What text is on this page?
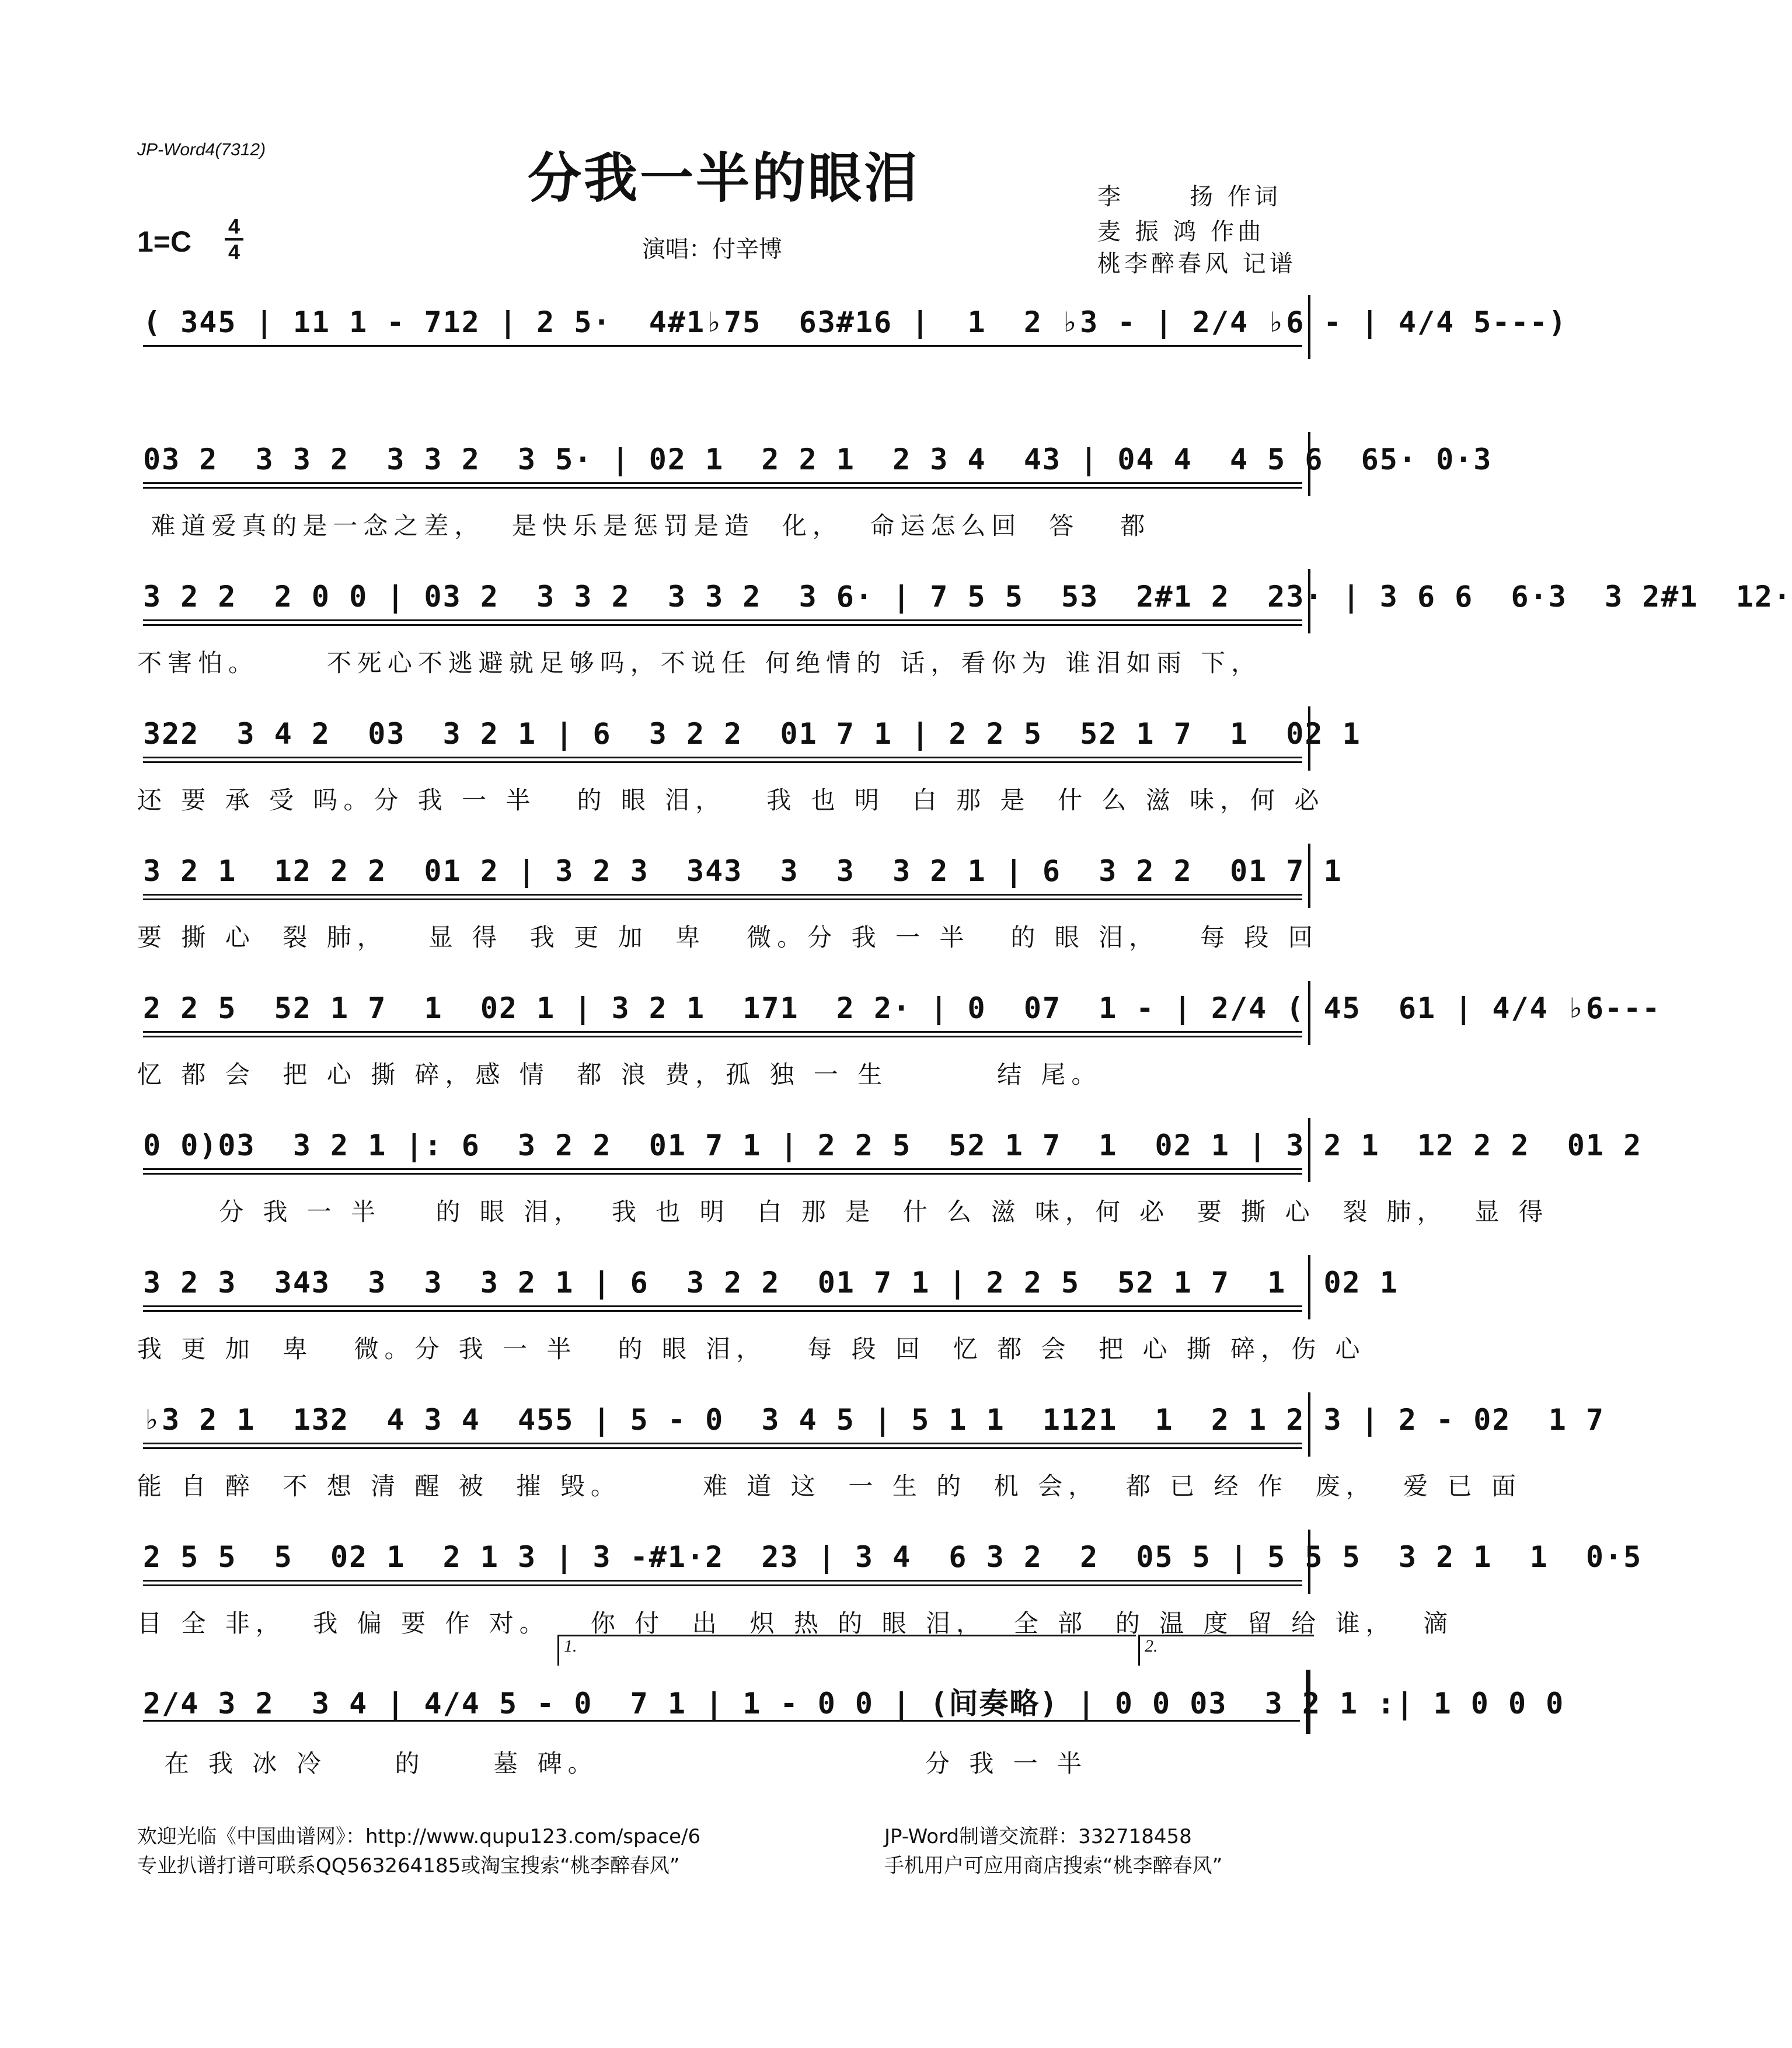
JP-Word4(7312)	分我一半的眼泪
1=C 4
4	演唱：付辛博
李      扬 作词
麦 振 鸿 作曲
桃李醉春风 记谱
( 345 | 11 1 - 712 | 2 5·  4#1♭75  63#16 |  1  2 ♭3 - | 2/4 ♭6 - | 4/4 5---)
03 2  3 3 2  3 3 2  3 5· | 02 1  2 2 1  2 3 4  43 | 04 4  4 5 6  65· 0·3
难道爱真的是一念之差，  是快乐是惩罚是造  化，  命运怎么回  答   都
3 2 2  2 0 0 | 03 2  3 3 2  3 3 2  3 6· | 7 5 5  53  2#1 2  23· | 3 6 6  6·3  3 2#1  12·
不害怕。     不死心不逃避就足够吗，不说任 何绝情的 话，看你为 谁泪如雨 下，
322  3 4 2  03  3 2 1 | 6  3 2 2  01 7 1 | 2 2 5  52 1 7  1  02 1
还 要 承 受 吗。分 我 一 半   的 眼 泪，   我 也 明  白 那 是  什 么 滋 味，何 必
3 2 1  12 2 2  01 2 | 3 2 3  343  3  3  3 2 1 | 6  3 2 2  01 7 1
要 撕 心  裂 肺，   显 得  我 更 加  卑   微。分 我 一 半   的 眼 泪，   每 段 回
2 2 5  52 1 7  1  02 1 | 3 2 1  171  2 2· | 0  07  1 - | 2/4 ( 45  61 | 4/4 ♭6---
忆 都 会  把 心 撕 碎，感 情  都 浪 费，孤 独 一 生        结 尾。
0 0)03  3 2 1 |: 6  3 2 2  01 7 1 | 2 2 5  52 1 7  1  02 1 | 3 2 1  12 2 2  01 2
分 我 一 半    的 眼 泪，  我 也 明  白 那 是  什 么 滋 味，何 必  要 撕 心  裂 肺，  显 得
3 2 3  343  3  3  3 2 1 | 6  3 2 2  01 7 1 | 2 2 5  52 1 7  1  02 1
我 更 加  卑   微。分 我 一 半   的 眼 泪，   每 段 回  忆 都 会  把 心 撕 碎，伤 心
♭3 2 1  132  4 3 4  455 | 5 - 0  3 4 5 | 5 1 1  1121  1  2 1 2 3 | 2 - 02  1 7
能 自 醉  不 想 清 醒 被  摧 毁。      难 道 这  一 生 的  机 会，  都 已 经 作  废，  爱 已 面
2 5 5  5  02 1  2 1 3 | 3 -#1·2  23 | 3 4  6 3 2  2  05 5 | 5 5 5  3 2 1  1  0·5
目 全 非，  我 偏 要 作 对。   你 付  出  炽 热 的 眼 泪，  全 部  的 温 度 留 给 谁，  滴
1.	2.
2/4 3 2  3 4 | 4/4 5 - 0  7 1 | 1 - 0 0 | (间奏略) | 0 0 03  3 2 1 :| 1 0 0 0
在 我 冰 冷     的     墓 碑。                        分 我 一 半
欢迎光临《中国曲谱网》：http://www.qupu123.com/space/6
专业扒谱打谱可联系QQ563264185或淘宝搜索“桃李醉春风”
JP-Word制谱交流群：332718458
手机用户可应用商店搜索“桃李醉春风”
